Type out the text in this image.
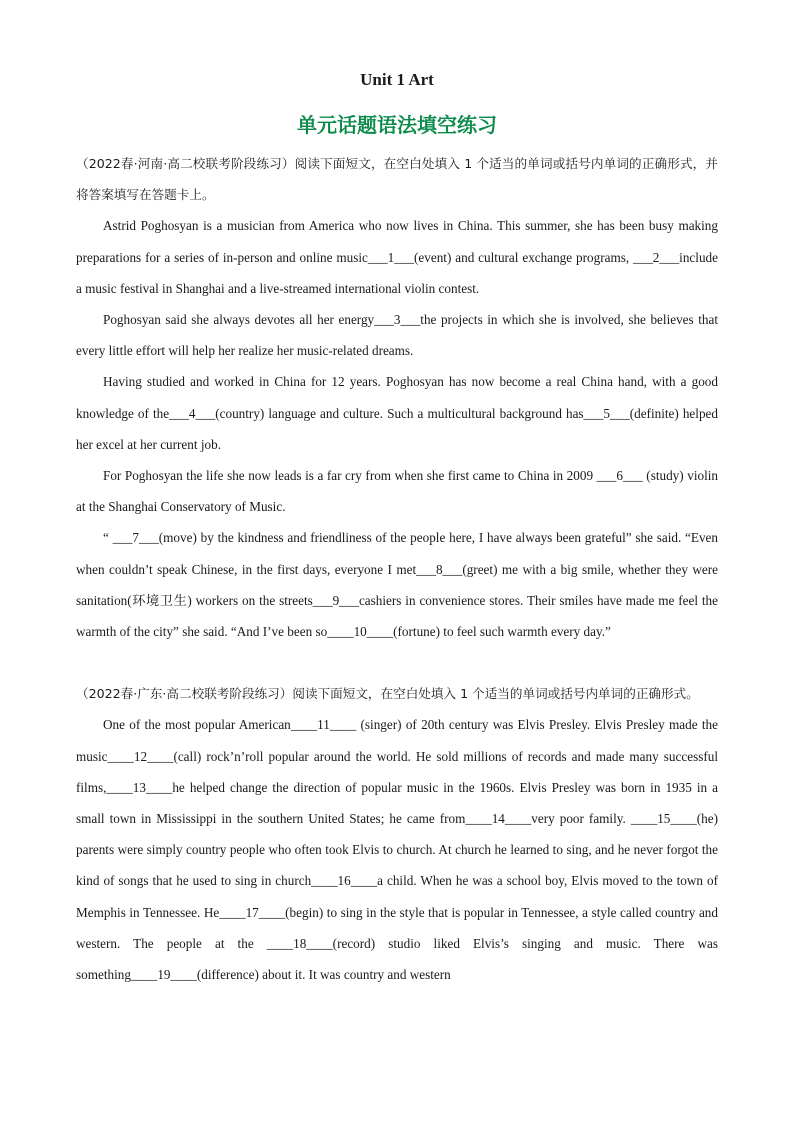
Unit 1 Art
单元话题语法填空练习

（2022春·河南·高二校联考阶段练习）阅读下面短文，在空白处填入 1 个适当的单词或括号内单词的正确形式，并将答案填写在答题卡上。

Astrid Poghosyan is a musician from America who now lives in China. This summer, she has been busy making preparations for a series of in-person and online music___1___(event) and cultural exchange programs, ___2___include a music festival in Shanghai and a live-streamed international violin contest.

Poghosyan said she always devotes all her energy___3___the projects in which she is involved, she believes that every little effort will help her realize her music-related dreams.

Having studied and worked in China for 12 years. Poghosyan has now become a real China hand, with a good knowledge of the___4___(country) language and culture. Such a multicultural background has___5___(definite) helped her excel at her current job.

For Poghosyan the life she now leads is a far cry from when she first came to China in 2009 ___6___ (study) violin at the Shanghai Conservatory of Music.

“ ___7___(move) by the kindness and friendliness of the people here, I have always been grateful” she said. “Even when couldn’t speak Chinese, in the first days, everyone I met___8___(greet) me with a big smile, whether they were sanitation(环境卫生) workers on the streets___9___cashiers in convenience stores. Their smiles have made me feel the warmth of the city” she said. “And I’ve been so____10____(fortune) to feel such warmth every day.”

（2022春·广东·高二校联考阶段练习）阅读下面短文，在空白处填入 1 个适当的单词或括号内单词的正确形式。

One of the most popular American____11____ (singer) of 20th century was Elvis Presley. Elvis Presley made the music____12____(call) rock’n’roll popular around the world. He sold millions of records and made many successful films,____13____he helped change the direction of popular music in the 1960s. Elvis Presley was born in 1935 in a small town in Mississippi in the southern United States; he came from____14____very poor family. ____15____(he) parents were simply country people who often took Elvis to church. At church he learned to sing, and he never forgot the kind of songs that he used to sing in church____16____a child. When he was a school boy, Elvis moved to the town of Memphis in Tennessee. He____17____(begin) to sing in the style that is popular in Tennessee, a style called country and western. The people at the ____18____(record) studio liked Elvis’s singing and music. There was something____19____(difference) about it. It was country and western
